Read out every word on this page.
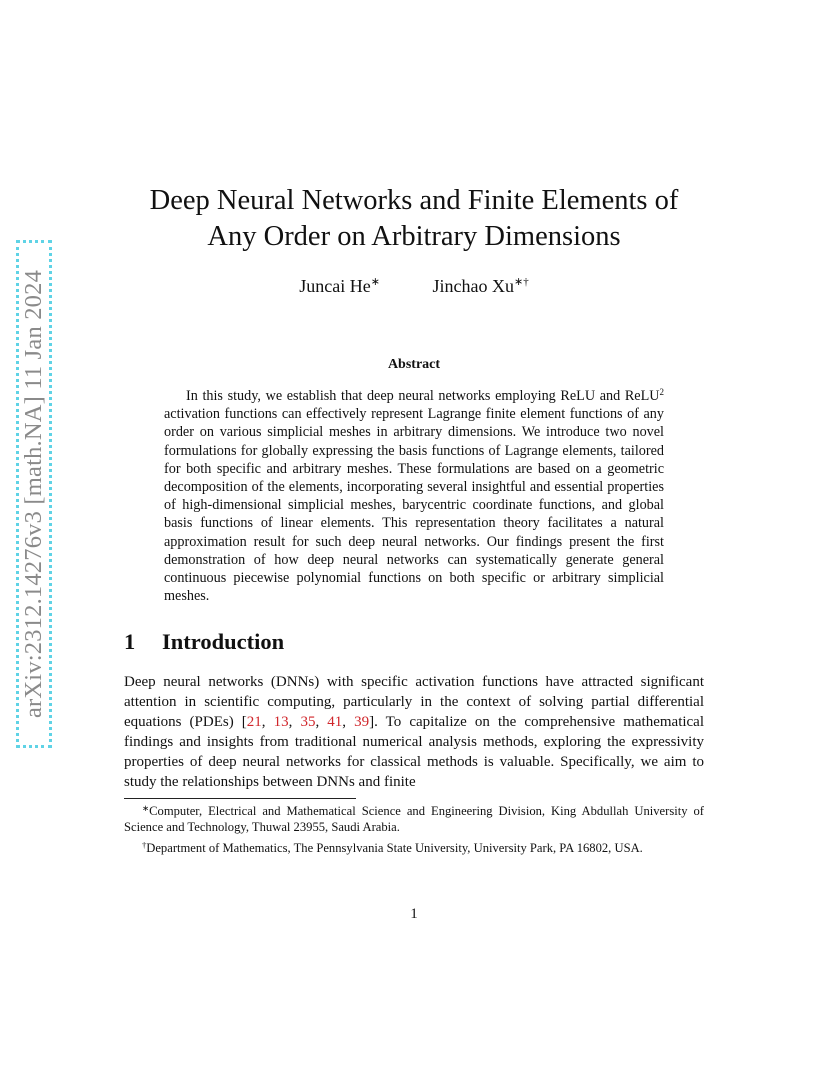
arXiv:2312.14276v3 [math.NA] 11 Jan 2024
Deep Neural Networks and Finite Elements of
Any Order on Arbitrary Dimensions
Juncai He∗	Jinchao Xu∗†
Abstract
In this study, we establish that deep neural networks employing ReLU and ReLU$^2$ activation functions can effectively represent Lagrange finite element functions of any order on various simplicial meshes in arbitrary dimensions. We introduce two novel formulations for globally expressing the basis functions of Lagrange elements, tailored for both specific and arbitrary meshes. These formulations are based on a geometric decomposition of the elements, incorporating several insightful and essential properties of high-dimensional simplicial meshes, barycentric coordinate functions, and global basis functions of linear elements. This representation theory facilitates a natural approximation result for such deep neural networks. Our findings present the first demonstration of how deep neural networks can systematically generate general continuous piecewise polynomial functions on both specific or arbitrary simplicial meshes.
1 Introduction
Deep neural networks (DNNs) with specific activation functions have attracted significant attention in scientific computing, particularly in the context of solving partial differential equations (PDEs) [21, 13, 35, 41, 39]. To capitalize on the comprehensive mathematical findings and insights from traditional numerical analysis methods, exploring the expressivity properties of deep neural networks for classical methods is valuable. Specifically, we aim to study the relationships between DNNs and finite

∗Computer, Electrical and Mathematical Science and Engineering Division, King Abdullah University of Science and Technology, Thuwal 23955, Saudi Arabia.

†Department of Mathematics, The Pennsylvania State University, University Park, PA 16802, USA.

1
